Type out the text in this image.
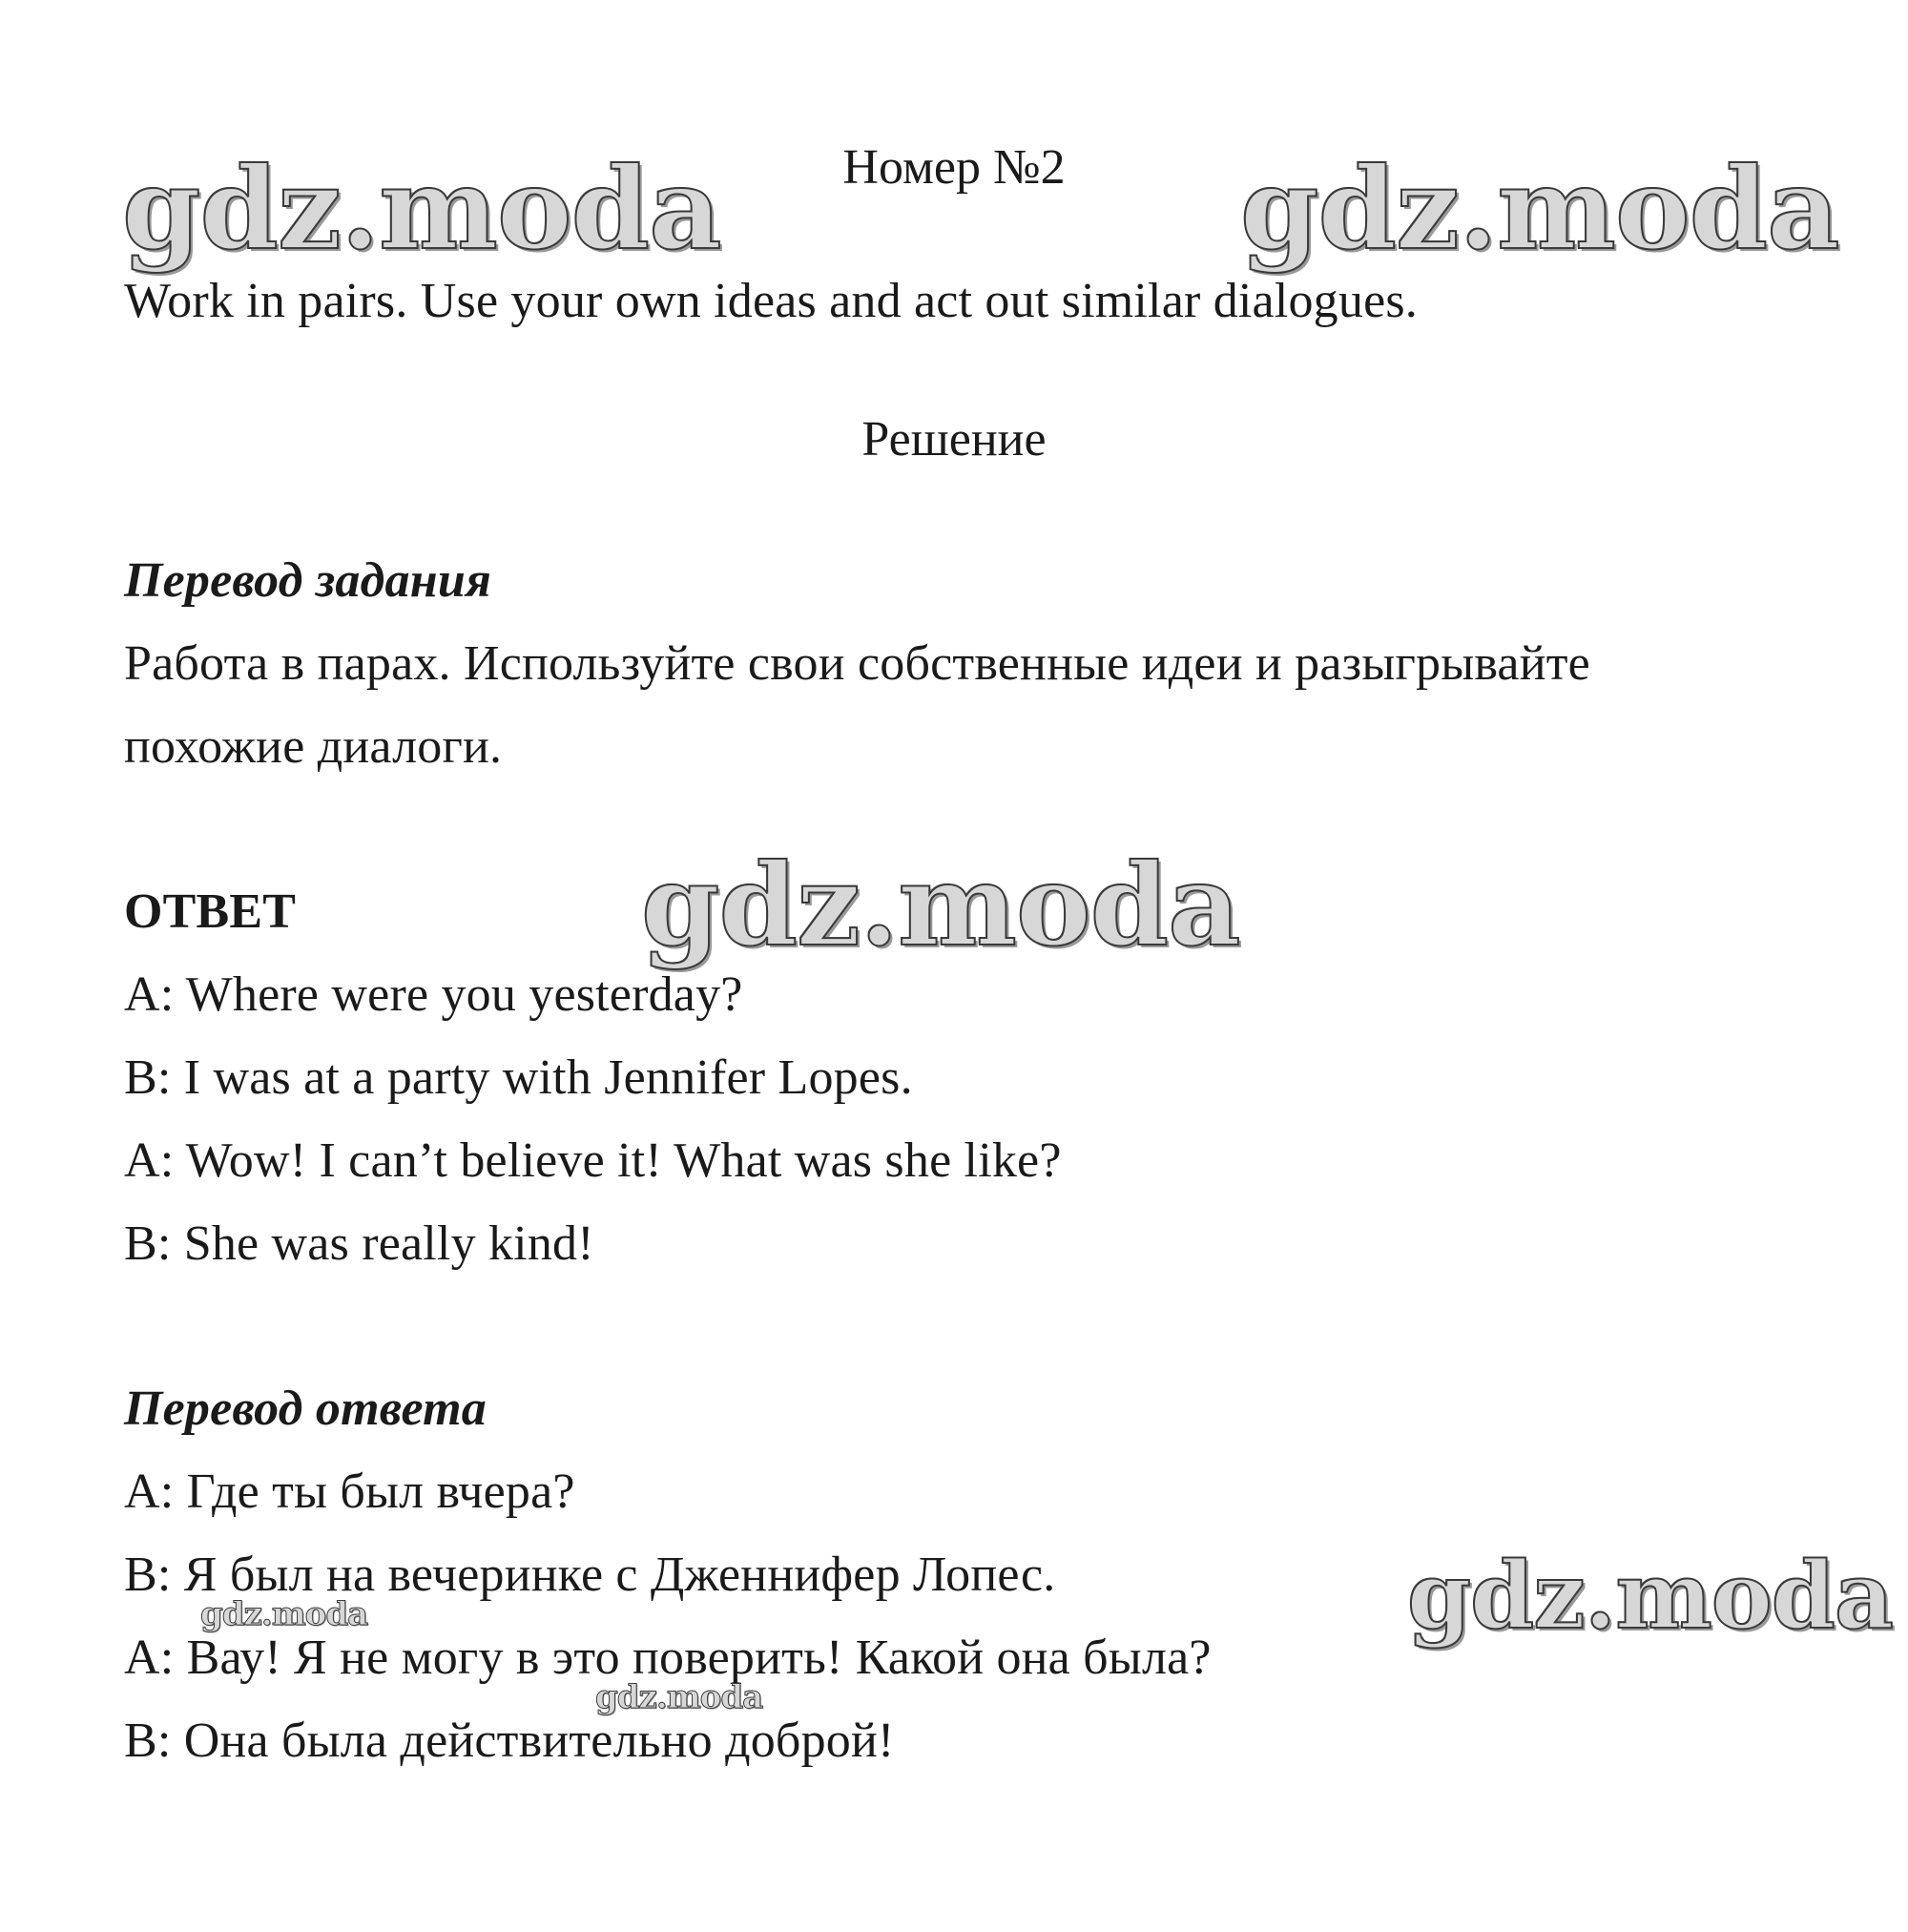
Номер №2
Work in pairs. Use your own ideas and act out similar dialogues.
Решение
Перевод задания
Работа в парах. Используйте свои собственные идеи и разыгрывайте
похожие диалоги.
ОТВЕТ
A: Where were you yesterday?
B: I was at a party with Jennifer Lopes.
A: Wow! I can’t believe it! What was she like?
B: She was really kind!
Перевод ответа
A: Где ты был вчера?
B: Я был на вечеринке с Дженнифер Лопес.
A: Вау! Я не могу в это поверить! Какой она была?
B: Она была действительно доброй!
gdz.moda	gdz.moda
gdz.moda
gdz.moda
gdz.moda
gdz.moda
